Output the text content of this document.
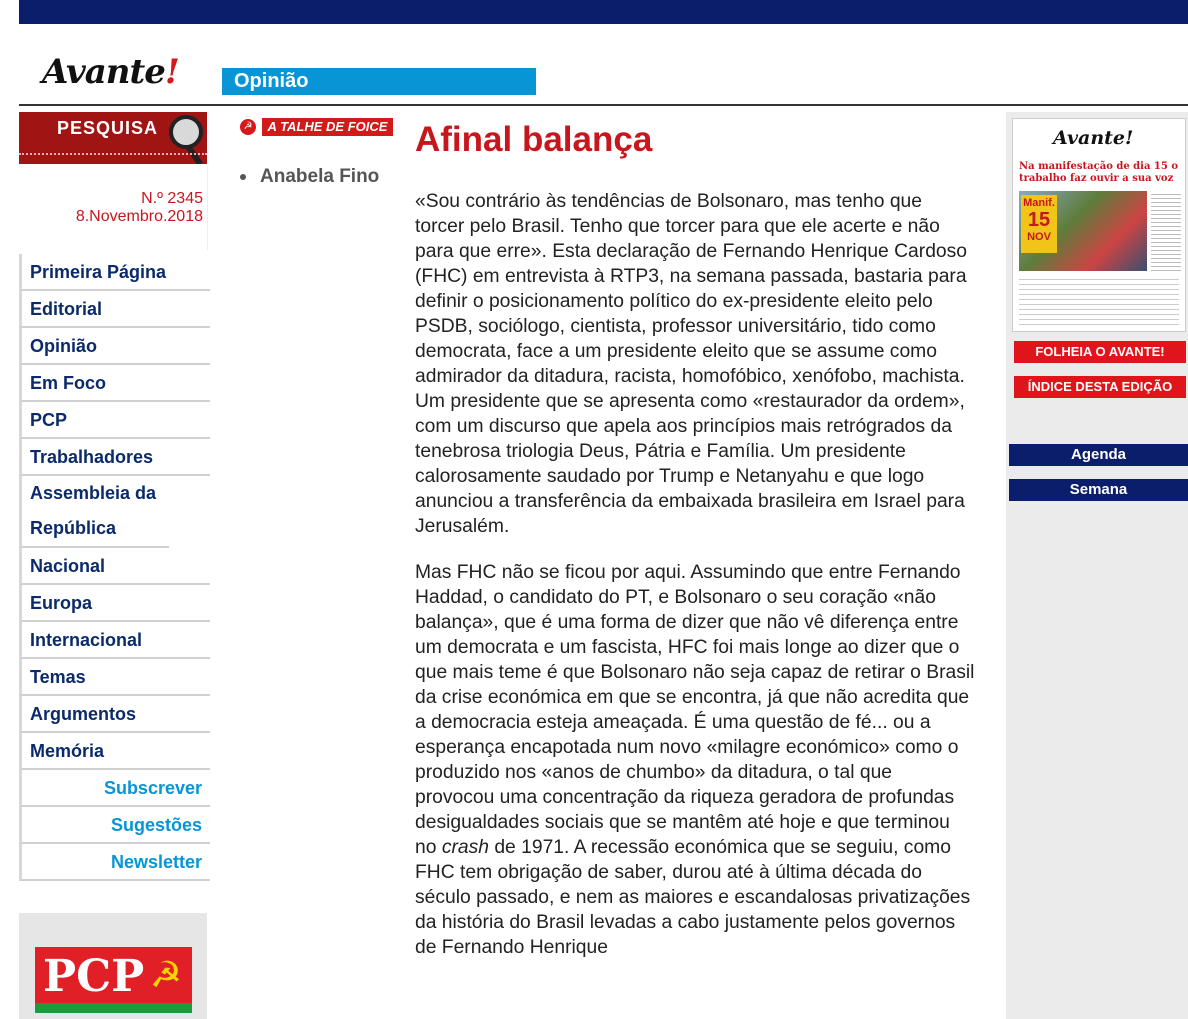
Avante!	Opinião
PESQUISA
N.º 2345
8.Novembro.2018
Primeira Página
Editorial
Opinião
Em Foco
PCP
Trabalhadores
Assembleia da República
Nacional
Europa
Internacional
Temas
Argumentos
Memória
Subscrever
Sugestões
Newsletter
PCP ☭
☭	A TALHE DE FOICE
Anabela Fino
Afinal balança

«Sou contrário às tendências de Bolsonaro, mas tenho que torcer pelo Brasil. Tenho que torcer para que ele acerte e não para que erre». Esta declaração de Fernando Henrique Cardoso (FHC) em entrevista à RTP3, na semana passada, bastaria para definir o posicionamento político do ex-presidente eleito pelo PSDB, sociólogo, cientista, professor universitário, tido como democrata, face a um presidente eleito que se assume como admirador da ditadura, racista, homofóbico, xenófobo, machista. Um presidente que se apresenta como «restaurador da ordem», com um discurso que apela aos princípios mais retrógrados da tenebrosa triologia Deus, Pátria e Família. Um presidente calorosamente saudado por Trump e Netanyahu e que logo anunciou a transferência da embaixada brasileira em Israel para Jerusalém.

Mas FHC não se ficou por aqui. Assumindo que entre Fernando Haddad, o candidato do PT, e Bolsonaro o seu coração «não balança», que é uma forma de dizer que não vê diferença entre um democrata e um fascista, HFC foi mais longe ao dizer que o que mais teme é que Bolsonaro não seja capaz de retirar o Brasil da crise económica em que se encontra, já que não acredita que a democracia esteja ameaçada. É uma questão de fé... ou a esperança encapotada num novo «milagre económico» como o produzido nos «anos de chumbo» da ditadura, o tal que provocou uma concentração da riqueza geradora de profundas desigualdades sociais que se mantêm até hoje e que terminou no crash de 1971. A recessão económica que se seguiu, como FHC tem obrigação de saber, durou até à última década do século passado, e nem as maiores e escandalosas privatizações da história do Brasil levadas a cabo justamente pelos governos de Fernando Henrique

Avante!
Na manifestação de dia 15 o trabalho faz ouvir a sua voz
Manif.
15
NOV
FOLHEIA O AVANTE!
ÍNDICE DESTA EDIÇÃO
Agenda
Semana
